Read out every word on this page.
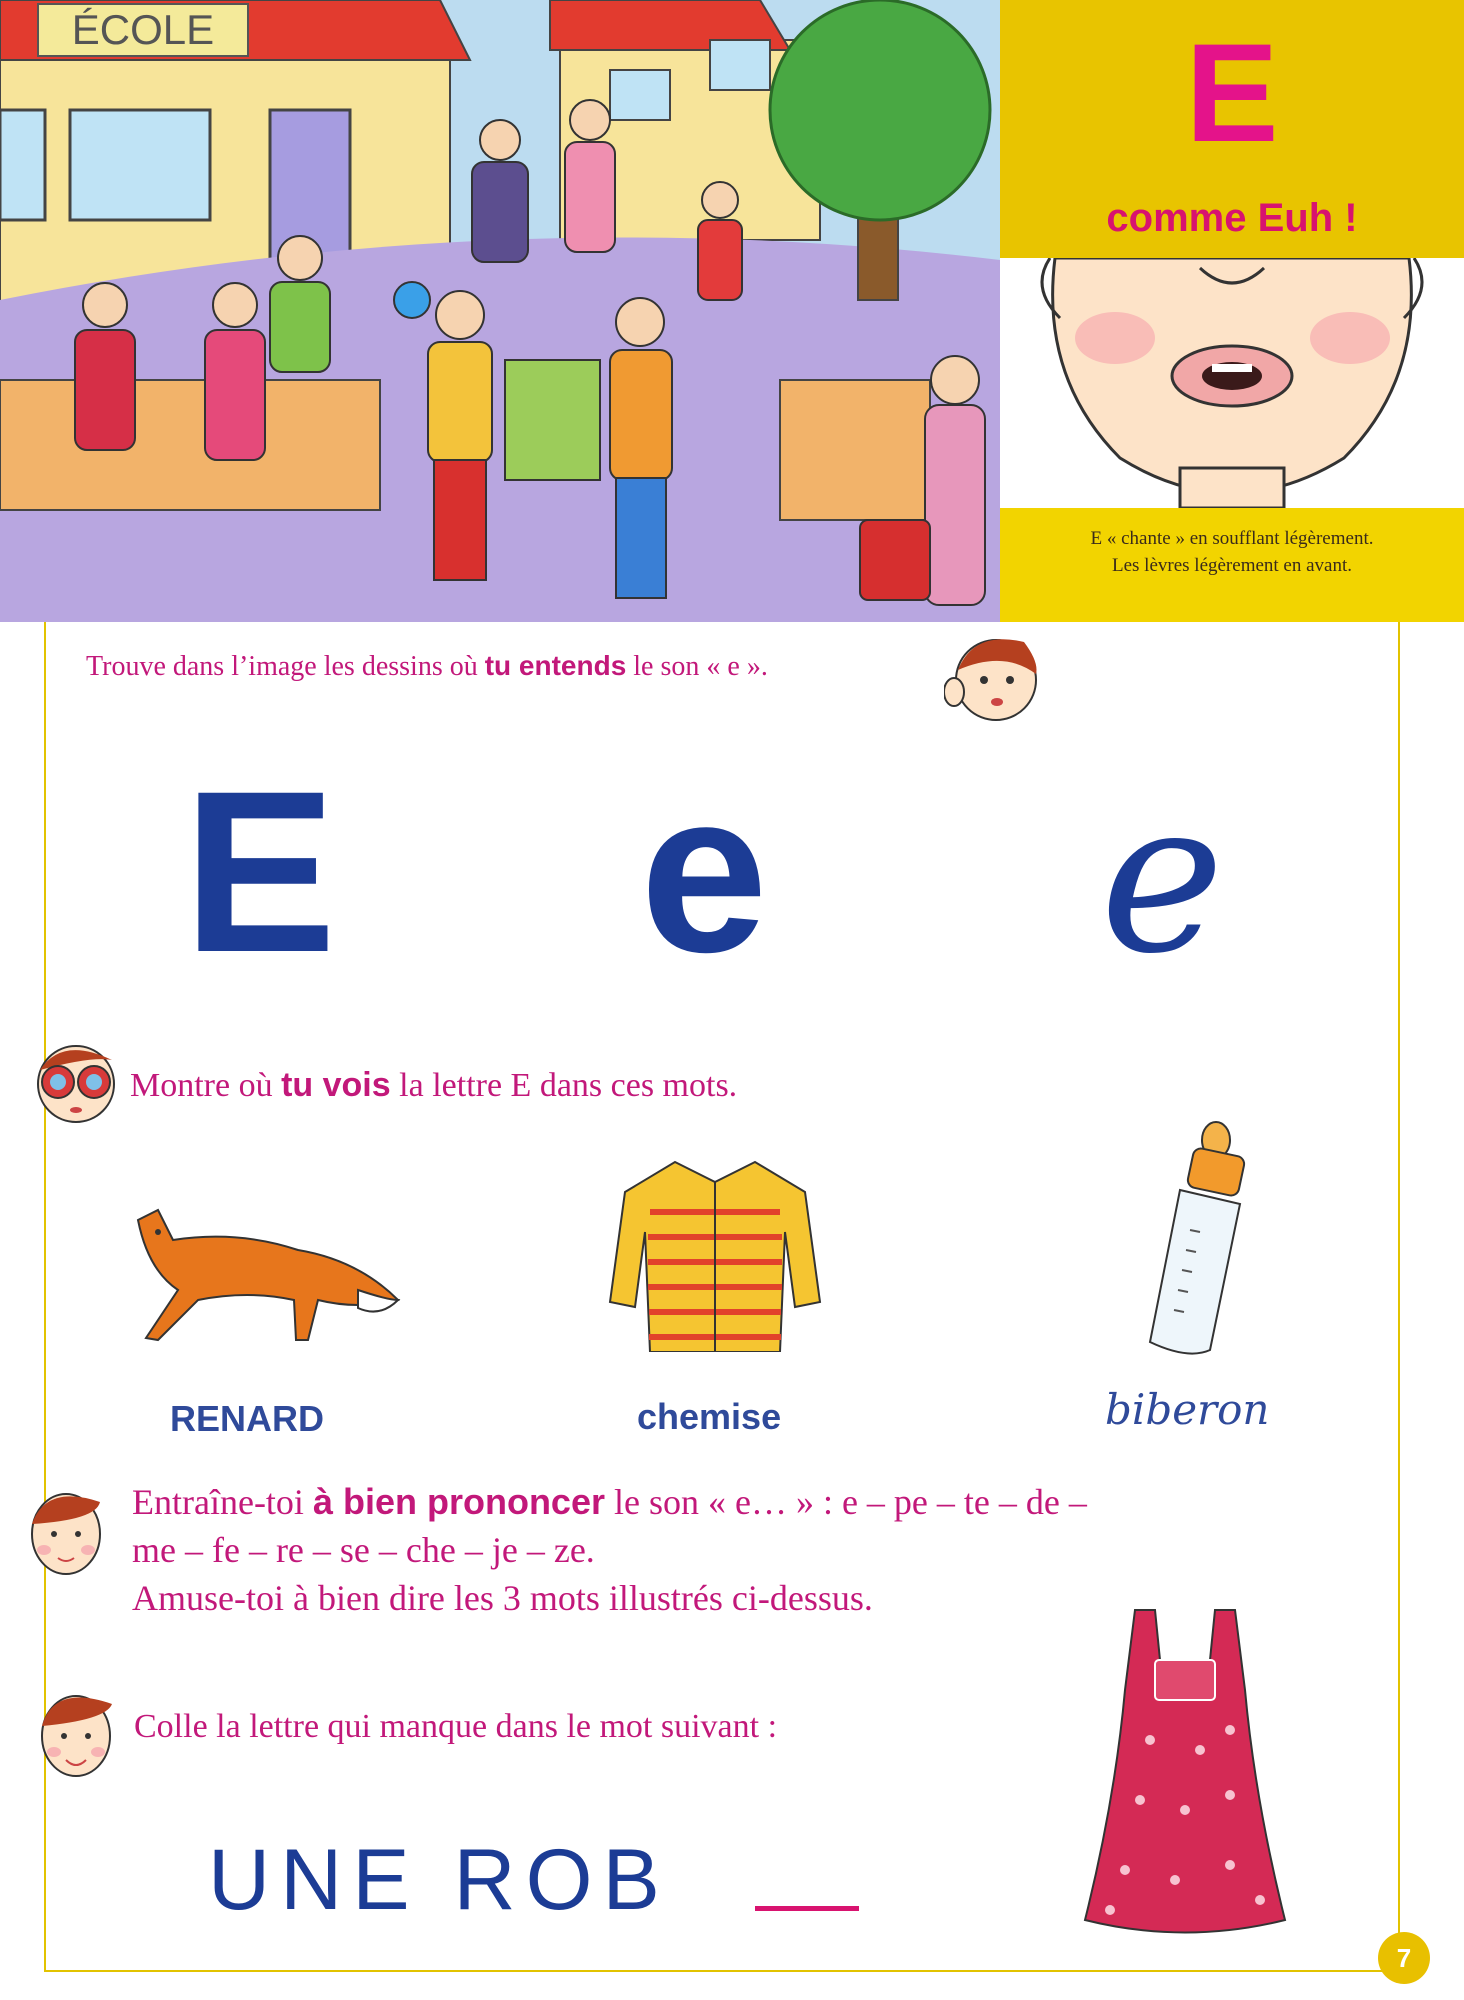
ÉCOLE	E
comme Euh !
E « chante » en soufflant légèrement.
Les lèvres légèrement en avant.
Trouve dans l’image les dessins où tu entends le son « e ».
E e e
Montre où tu vois la lettre E dans ces mots.
RENARD	chemise	biberon
Entraîne-toi à bien prononcer le son « e… » : e – pe – te – de –
me – fe – re – se – che – je – ze.
Amuse-toi à bien dire les 3 mots illustrés ci-dessus.
Colle la lettre qui manque dans le mot suivant :
UNE ROB
7
